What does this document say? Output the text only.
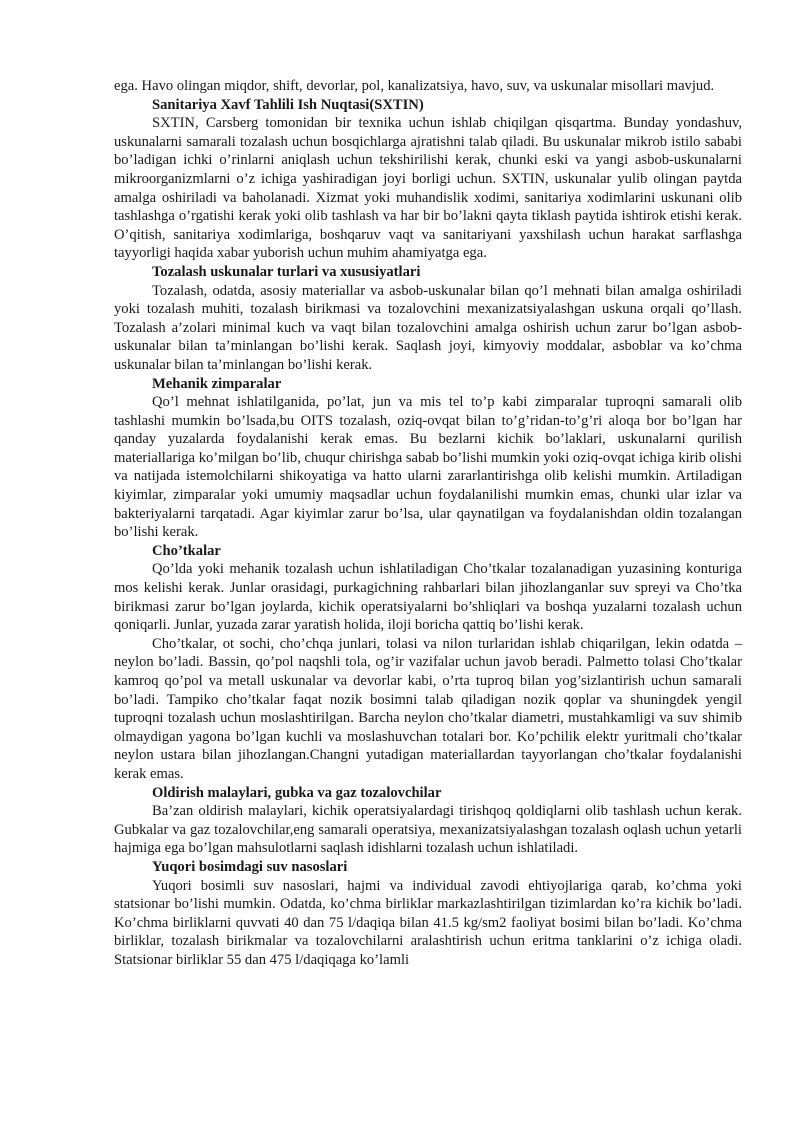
ega. Havo olingan miqdor, shift, devorlar, pol, kanalizatsiya, havo, suv, va uskunalar misollari mavjud.

Sanitariya Xavf Tahlili Ish Nuqtasi(SXTIN)

SXTIN, Carsberg tomonidan bir texnika uchun ishlab chiqilgan qisqartma. Bunday yondashuv, uskunalarni samarali tozalash uchun bosqichlarga ajratishni talab qiladi. Bu uskunalar mikrob istilo sababi bo’ladigan ichki o’rinlarni aniqlash uchun tekshirilishi kerak, chunki eski va yangi asbob-uskunalarni mikroorganizmlarni o’z ichiga yashiradigan joyi borligi uchun. SXTIN, uskunalar yulib olingan paytda amalga oshiriladi va baholanadi. Xizmat yoki muhandislik xodimi, sanitariya xodimlarini uskunani olib tashlashga o’rgatishi kerak yoki olib tashlash va har bir bo’lakni qayta tiklash paytida ishtirok etishi kerak. O’qitish, sanitariya xodimlariga, boshqaruv vaqt va sanitariyani yaxshilash uchun harakat sarflashga tayyorligi haqida xabar yuborish uchun muhim ahamiyatga ega.

Tozalash uskunalar turlari va xususiyatlari

Tozalash, odatda, asosiy materiallar va asbob-uskunalar bilan qo’l mehnati bilan amalga oshiriladi yoki tozalash muhiti, tozalash birikmasi va tozalovchini mexanizatsiyalashgan uskuna orqali qo’llash. Tozalash a’zolari minimal kuch va vaqt bilan tozalovchini amalga oshirish uchun zarur bo’lgan asbob-uskunalar bilan ta’minlangan bo’lishi kerak. Saqlash joyi, kimyoviy moddalar, asboblar va ko’chma uskunalar bilan ta’minlangan bo’lishi kerak.

Mehanik zimparalar

Qo’l mehnat ishlatilganida, po’lat, jun va mis tel to’p kabi zimparalar tuproqni samarali olib tashlashi mumkin bo’lsada,bu OITS tozalash, oziq-ovqat bilan to’g’ridan-to’g’ri aloqa bor bo’lgan har qanday yuzalarda foydalanishi kerak emas. Bu bezlarni kichik bo’laklari, uskunalarni qurilish materiallariga ko’milgan bo’lib, chuqur chirishga sabab bo’lishi mumkin yoki oziq-ovqat ichiga kirib olishi va natijada istemolchilarni shikoyatiga va hatto ularni zararlantirishga olib kelishi mumkin. Artiladigan kiyimlar, zimparalar yoki umumiy maqsadlar uchun foydalanilishi mumkin emas, chunki ular izlar va bakteriyalarni tarqatadi. Agar kiyimlar zarur bo’lsa, ular qaynatilgan va foydalanishdan oldin tozalangan bo’lishi kerak.

Cho’tkalar

Qo’lda yoki mehanik tozalash uchun ishlatiladigan Cho’tkalar tozalanadigan yuzasining konturiga mos kelishi kerak. Junlar orasidagi, purkagichning rahbarlari bilan jihozlanganlar suv spreyi va Cho’tka birikmasi zarur bo’lgan joylarda, kichik operatsiyalarni bo’shliqlari va boshqa yuzalarni tozalash uchun qoniqarli. Junlar, yuzada zarar yaratish holida, iloji boricha qattiq bo’lishi kerak.

Cho’tkalar, ot sochi, cho’chqa junlari, tolasi va nilon turlaridan ishlab chiqarilgan, lekin odatda – neylon bo’ladi. Bassin, qo’pol naqshli tola, og’ir vazifalar uchun javob beradi. Palmetto tolasi Cho’tkalar kamroq qo’pol va metall uskunalar va devorlar kabi, o’rta tuproq bilan yog’sizlantirish uchun samarali bo’ladi. Tampiko cho’tkalar faqat nozik bosimni talab qiladigan nozik qoplar va shuningdek yengil tuproqni tozalash uchun moslashtirilgan. Barcha neylon cho’tkalar diametri, mustahkamligi va suv shimib olmaydigan yagona bo’lgan kuchli va moslashuvchan totalari bor. Ko’pchilik elektr yuritmali cho’tkalar neylon ustara bilan jihozlangan.Changni yutadigan materiallardan tayyorlangan cho’tkalar foydalanishi kerak emas.

Oldirish malaylari, gubka va gaz tozalovchilar

Ba’zan oldirish malaylari, kichik operatsiyalardagi tirishqoq qoldiqlarni olib tashlash uchun kerak. Gubkalar va gaz tozalovchilar,eng samarali operatsiya, mexanizatsiyalashgan tozalash oqlash uchun yetarli hajmiga ega bo’lgan mahsulotlarni saqlash idishlarni tozalash uchun ishlatiladi.

Yuqori bosimdagi suv nasoslari

Yuqori bosimli suv nasoslari, hajmi va individual zavodi ehtiyojlariga qarab, ko’chma yoki statsionar bo’lishi mumkin. Odatda, ko’chma birliklar markazlashtirilgan tizimlardan ko’ra kichik bo’ladi. Ko’chma birliklarni quvvati 40 dan 75 l/daqiqa bilan 41.5 kg/sm2 faoliyat bosimi bilan bo’ladi. Ko’chma birliklar, tozalash birikmalar va tozalovchilarni aralashtirish uchun eritma tanklarini o’z ichiga oladi. Statsionar birliklar 55 dan 475 l/daqiqaga ko’lamli
